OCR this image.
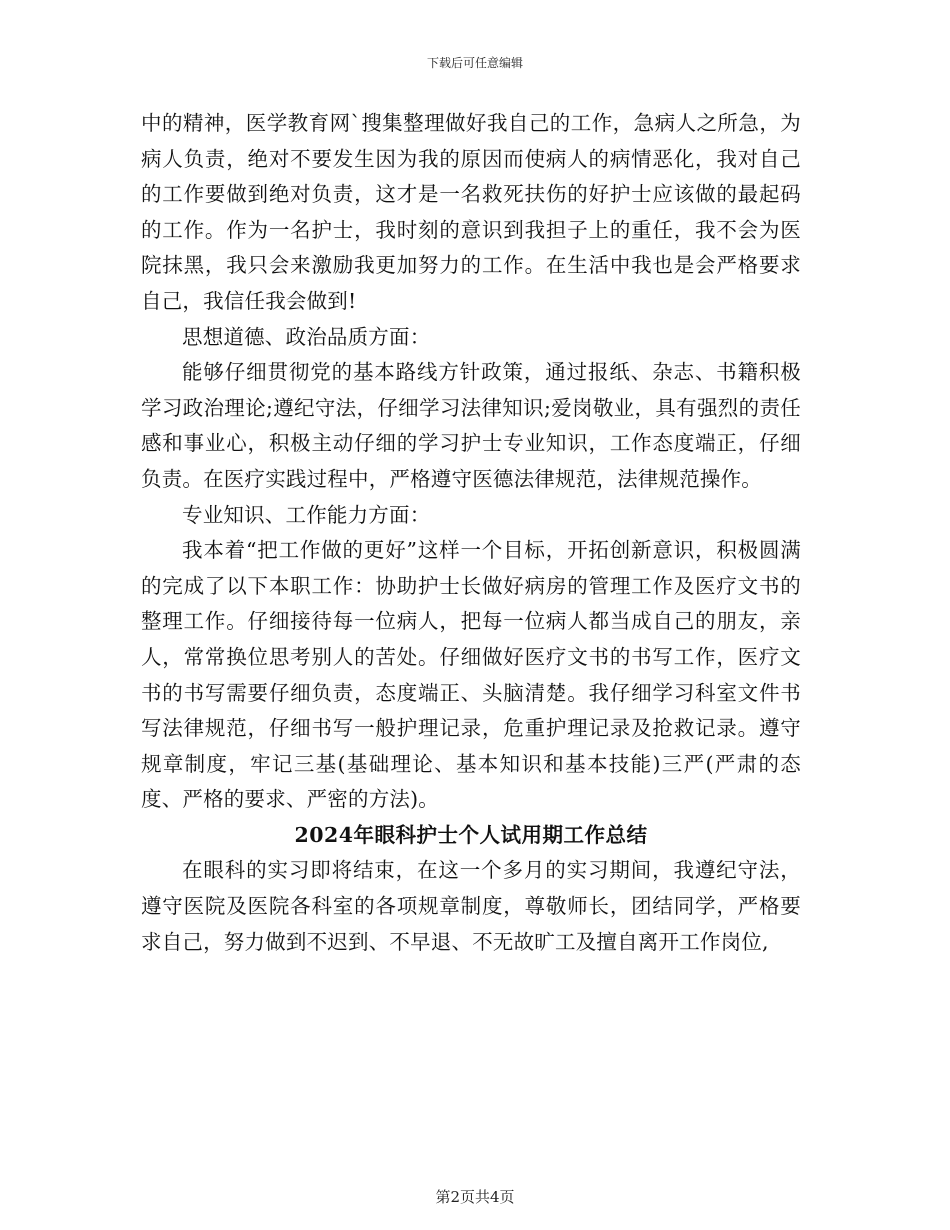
下载后可任意编辑

中的精神，医学教育网`搜集整理做好我自己的工作，急病人之所急，为病人负责，绝对不要发生因为我的原因而使病人的病情恶化，我对自己的工作要做到绝对负责，这才是一名救死扶伤的好护士应该做的最起码的工作。作为一名护士，我时刻的意识到我担子上的重任，我不会为医院抹黑，我只会来激励我更加努力的工作。在生活中我也是会严格要求自己，我信任我会做到!

思想道德、政治品质方面：

能够仔细贯彻党的基本路线方针政策，通过报纸、杂志、书籍积极学习政治理论;遵纪守法，仔细学习法律知识;爱岗敬业，具有强烈的责任感和事业心，积极主动仔细的学习护士专业知识，工作态度端正，仔细负责。在医疗实践过程中，严格遵守医德法律规范，法律规范操作。

专业知识、工作能力方面：

我本着“把工作做的更好”这样一个目标，开拓创新意识，积极圆满的完成了以下本职工作：协助护士长做好病房的管理工作及医疗文书的整理工作。仔细接待每一位病人，把每一位病人都当成自己的朋友，亲人，常常换位思考别人的苦处。仔细做好医疗文书的书写工作，医疗文书的书写需要仔细负责，态度端正、头脑清楚。我仔细学习科室文件书写法律规范，仔细书写一般护理记录，危重护理记录及抢救记录。遵守规章制度，牢记三基(基础理论、基本知识和基本技能)三严(严肃的态度、严格的要求、严密的方法)。

2024年眼科护士个人试用期工作总结

在眼科的实习即将结束，在这一个多月的实习期间，我遵纪守法，遵守医院及医院各科室的各项规章制度，尊敬师长，团结同学，严格要求自己，努力做到不迟到、不早退、不无故旷工及擅自离开工作岗位,

第2页共4页
